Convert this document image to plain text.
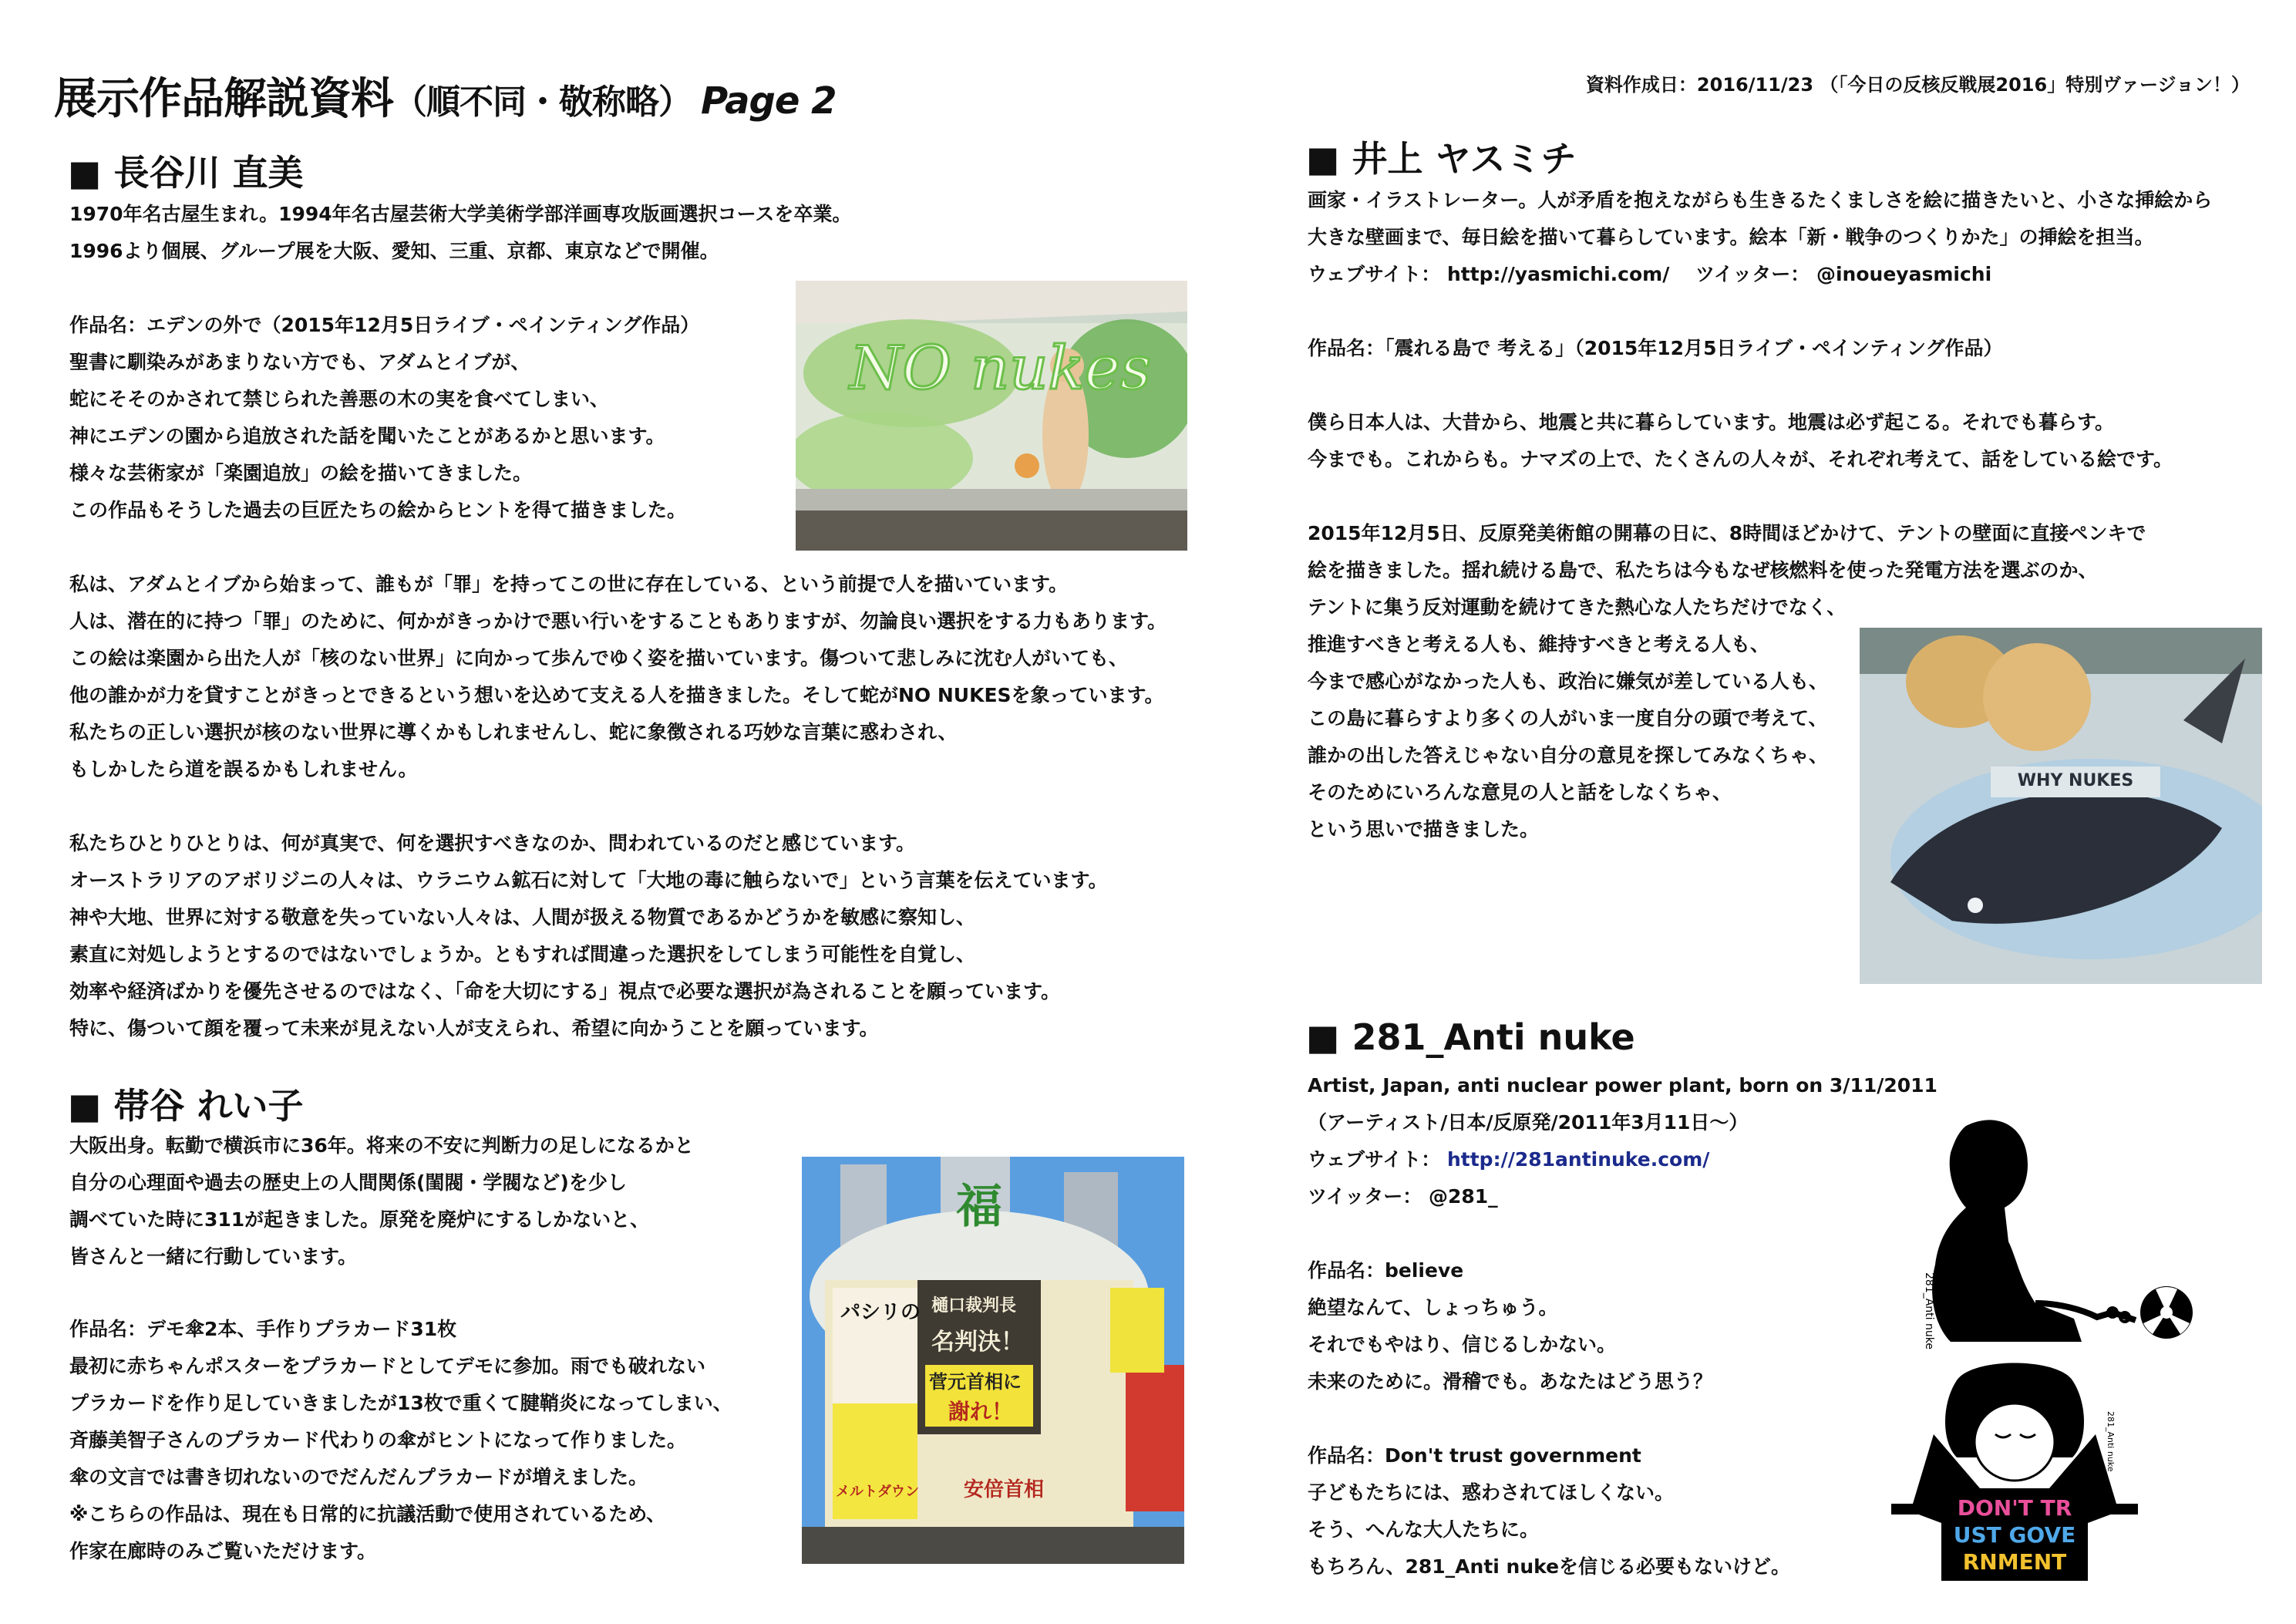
展示作品解説資料（順不同・敬称略） Page 2	資料作成日：2016/11/23 （「今日の反核反戦展2016」特別ヴァージョン！）
■ 長谷川 直美
1970年名古屋生まれ。1994年名古屋芸術大学美術学部洋画専攻版画選択コースを卒業。
1996より個展、グループ展を大阪、愛知、三重、京都、東京などで開催。
作品名：エデンの外で（2015年12月5日ライブ・ペインティング作品）
聖書に馴染みがあまりない方でも、アダムとイブが、
蛇にそそのかされて禁じられた善悪の木の実を食べてしまい、
神にエデンの園から追放された話を聞いたことがあるかと思います。
様々な芸術家が「楽園追放」の絵を描いてきました。
この作品もそうした過去の巨匠たちの絵からヒントを得て描きました。
NO nukes
私は、アダムとイブから始まって、誰もが「罪」を持ってこの世に存在している、という前提で人を描いています。
人は、潜在的に持つ「罪」のために、何かがきっかけで悪い行いをすることもありますが、勿論良い選択をする力もあります。
この絵は楽園から出た人が「核のない世界」に向かって歩んでゆく姿を描いています。傷ついて悲しみに沈む人がいても、
他の誰かが力を貸すことがきっとできるという想いを込めて支える人を描きました。そして蛇がNO NUKESを象っています。
私たちの正しい選択が核のない世界に導くかもしれませんし、蛇に象徴される巧妙な言葉に惑わされ、
もしかしたら道を誤るかもしれません。
私たちひとりひとりは、何が真実で、何を選択すべきなのか、問われているのだと感じています。
オーストラリアのアボリジニの人々は、ウラニウム鉱石に対して「大地の毒に触らないで」という言葉を伝えています。
神や大地、世界に対する敬意を失っていない人々は、人間が扱える物質であるかどうかを敏感に察知し、
素直に対処しようとするのではないでしょうか。ともすれば間違った選択をしてしまう可能性を自覚し、
効率や経済ばかりを優先させるのではなく、「命を大切にする」視点で必要な選択が為されることを願っています。
特に、傷ついて顔を覆って未来が見えない人が支えられ、希望に向かうことを願っています。
■ 帯谷 れい子
大阪出身。転勤で横浜市に36年。将来の不安に判断力の足しになるかと
自分の心理面や過去の歴史上の人間関係(閨閥・学閥など)を少し
調べていた時に311が起きました。原発を廃炉にするしかないと、
皆さんと一緒に行動しています。
作品名：デモ傘2本、手作りプラカード31枚
最初に赤ちゃんポスターをプラカードとしてデモに参加。雨でも破れない
プラカードを作り足していきましたが13枚で重くて腱鞘炎になってしまい、
斉藤美智子さんのプラカード代わりの傘がヒントになって作りました。
傘の文言では書き切れないのでだんだんプラカードが増えました。
※こちらの作品は、現在も日常的に抗議活動で使用されているため、
作家在廊時のみご覧いただけます。
福
パシリの 樋口裁判長
名判決！
菅元首相に
謝れ！
安倍首相
メルトダウン
■ 井上 ヤスミチ
画家・イラストレーター。人が矛盾を抱えながらも生きるたくましさを絵に描きたいと、小さな挿絵から
大きな壁画まで、毎日絵を描いて暮らしています。絵本「新・戦争のつくりかた」の挿絵を担当。
ウェブサイト： http://yasmichi.com/　 ツイッター： @inoueyasmichi
作品名：「震れる島で 考える」（2015年12月5日ライブ・ペインティング作品）
僕ら日本人は、大昔から、地震と共に暮らしています。地震は必ず起こる。それでも暮らす。
今までも。これからも。ナマズの上で、たくさんの人々が、それぞれ考えて、話をしている絵です。
2015年12月5日、反原発美術館の開幕の日に、8時間ほどかけて、テントの壁面に直接ペンキで
絵を描きました。揺れ続ける島で、私たちは今もなぜ核燃料を使った発電方法を選ぶのか、
テントに集う反対運動を続けてきた熱心な人たちだけでなく、
推進すべきと考える人も、維持すべきと考える人も、
今まで感心がなかった人も、政治に嫌気が差している人も、
この島に暮らすより多くの人がいま一度自分の頭で考えて、
誰かの出した答えじゃない自分の意見を探してみなくちゃ、
そのためにいろんな意見の人と話をしなくちゃ、
という思いで描きました。
WHY NUKES
■ 281_Anti nuke
Artist, Japan, anti nuclear power plant, born on 3/11/2011
（アーティスト/日本/反原発/2011年3月11日〜）
ウェブサイト： http://281antinuke.com/
ツイッター： @281_
作品名：believe
絶望なんて、しょっちゅう。
それでもやはり、信じるしかない。
未来のために。滑稽でも。あなたはどう思う？
作品名：Don't trust government
子どもたちには、惑わされてほしくない。
そう、へんな大人たちに。
もちろん、281_Anti nukeを信じる必要もないけど。
281_Anti nuke
DON'T TR
UST GOVE
RNMENT
281_Anti nuke
